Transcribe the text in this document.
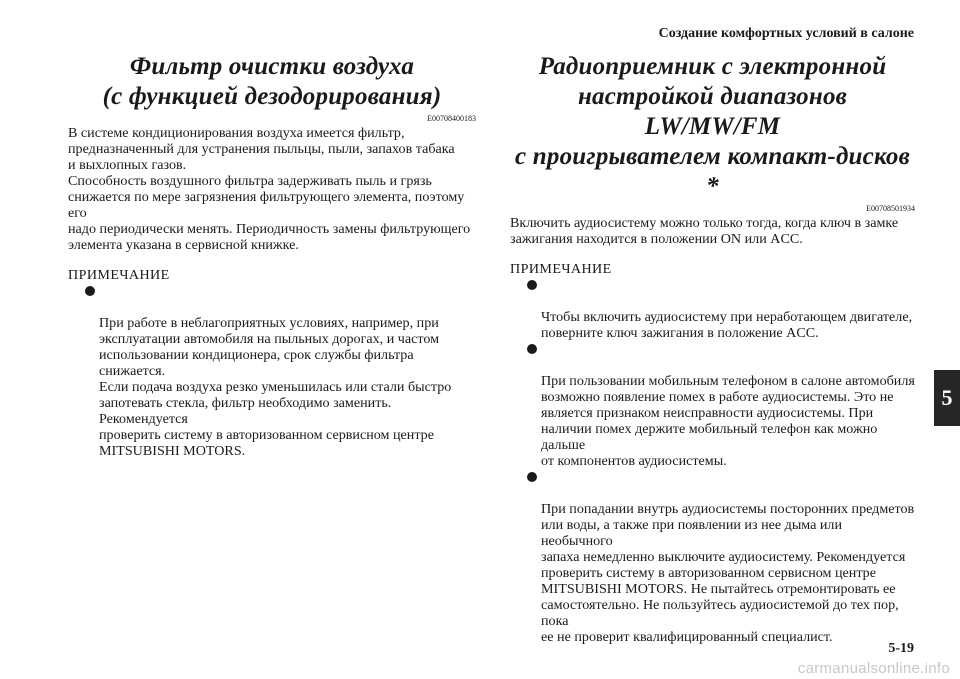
Создание комфортных условий в салоне
5
Фильтр очистки воздуха
(с функцией дезодорирования)

E00708400183

В системе кондиционирования воздуха имеется фильтр,
предназначенный для устранения пыльцы, пыли, запахов табака
и выхлопных газов.
Способность воздушного фильтра задерживать пыль и грязь
снижается по мере загрязнения фильтрующего элемента, поэтому его
надо периодически менять. Периодичность замены фильтрующего
элемента указана в сервисной книжке.

ПРИМЕЧАНИЕ

При работе в неблагоприятных условиях, например, при
эксплуатации автомобиля на пыльных дорогах, и частом
использовании кондиционера, срок службы фильтра снижается.
Если подача воздуха резко уменьшилась или стали быстро
запотевать стекла, фильтр необходимо заменить. Рекомендуется
проверить систему в авторизованном сервисном центре
MITSUBISHI MOTORS.

Радиоприемник с электронной
настройкой диапазонов LW/MW/FM
с проигрывателем компакт-дисков *

E00708501934

Включить аудиосистему можно только тогда, когда ключ в замке
зажигания находится в положении ON или ACC.

ПРИМЕЧАНИЕ

Чтобы включить аудиосистему при неработающем двигателе,
поверните ключ зажигания в положение ACC.

При пользовании мобильным телефоном в салоне автомобиля
возможно появление помех в работе аудиосистемы. Это не
является признаком неисправности аудиосистемы. При
наличии помех держите мобильный телефон как можно дальше
от компонентов аудиосистемы.

При попадании внутрь аудиосистемы посторонних предметов
или воды, а также при появлении из нее дыма или необычного
запаха немедленно выключите аудиосистему. Рекомендуется
проверить систему в авторизованном сервисном центре
MITSUBISHI MOTORS. Не пытайтесь отремонтировать ее
самостоятельно. Не пользуйтесь аудиосистемой до тех пор, пока
ее не проверит квалифицированный специалист.

5-19
carmanualsonline.info
